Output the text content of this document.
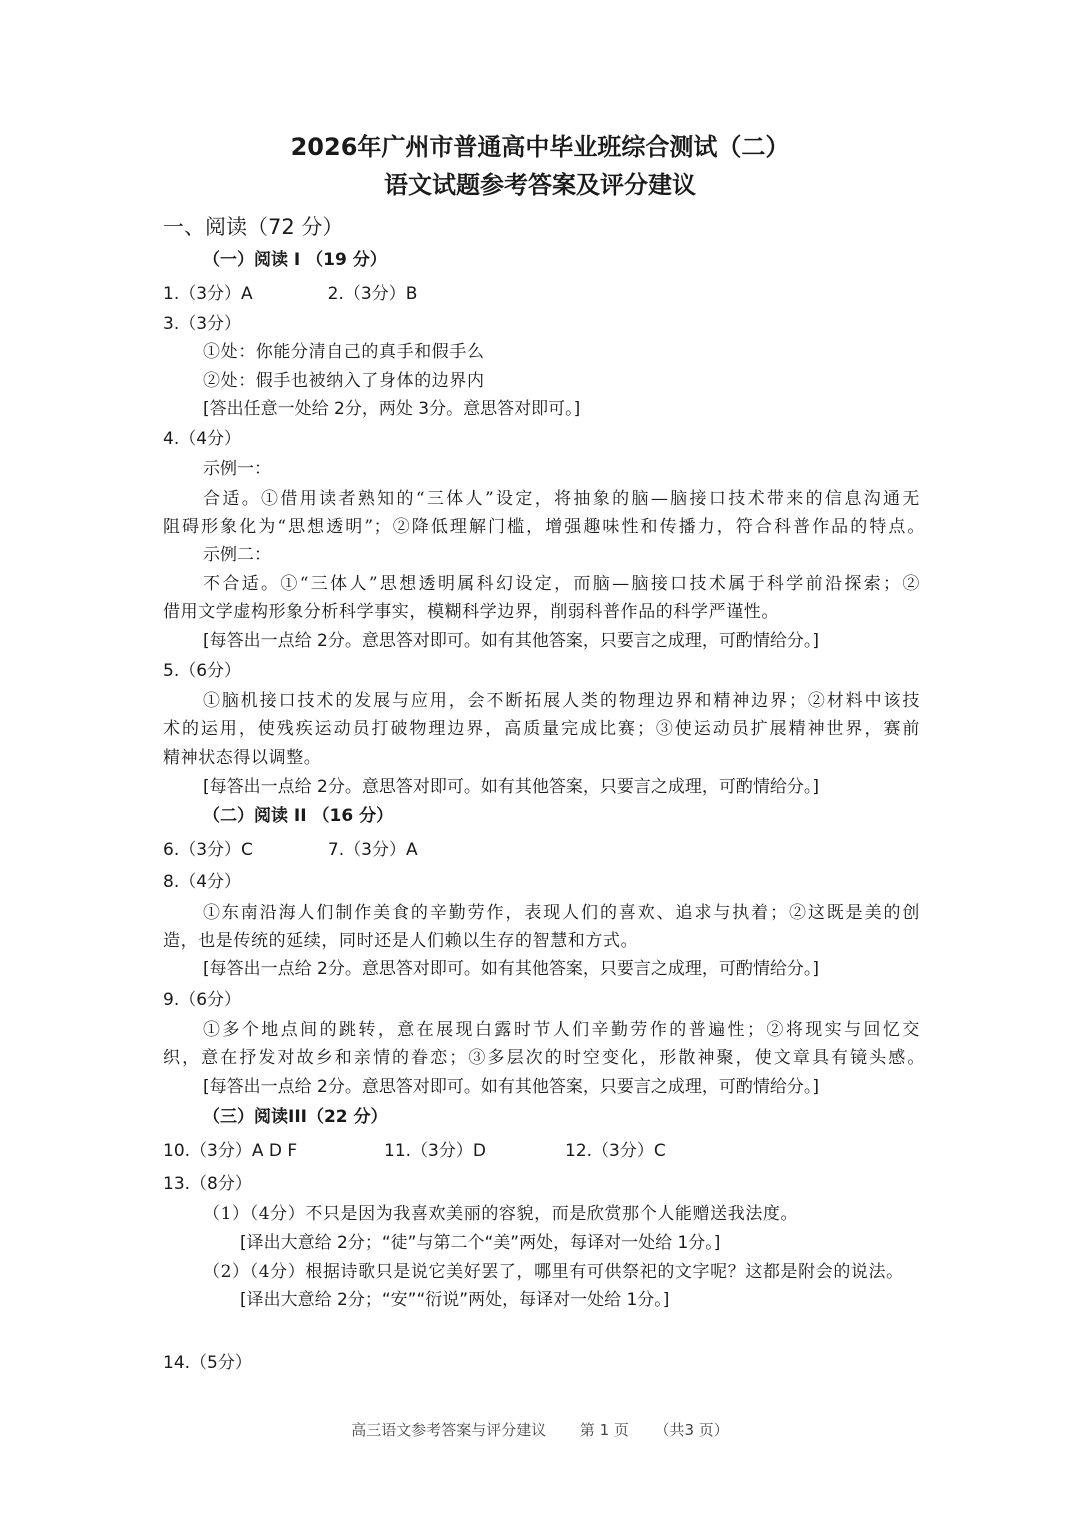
2026年广州市普通高中毕业班综合测试（二）
语文试题参考答案及评分建议
一、阅读（72 分）
（一）阅读 I （19 分）
1.（3分）A	2.（3分）B
3.（3分）
①处：你能分清自己的真手和假手么
②处：假手也被纳入了身体的边界内
[答出任意一处给 2分，两处 3分。意思答对即可。]
4.（4分）
示例一：
合适。①借用读者熟知的“三体人”设定，将抽象的脑—脑接口技术带来的信息沟通无
阻碍形象化为“思想透明”；②降低理解门槛，增强趣味性和传播力，符合科普作品的特点。
示例二：
不合适。①“三体人”思想透明属科幻设定，而脑—脑接口技术属于科学前沿探索；②
借用文学虚构形象分析科学事实，模糊科学边界，削弱科普作品的科学严谨性。
[每答出一点给 2分。意思答对即可。如有其他答案，只要言之成理，可酌情给分。]
5.（6分）
①脑机接口技术的发展与应用，会不断拓展人类的物理边界和精神边界；②材料中该技
术的运用，使残疾运动员打破物理边界，高质量完成比赛；③使运动员扩展精神世界，赛前
精神状态得以调整。
[每答出一点给 2分。意思答对即可。如有其他答案，只要言之成理，可酌情给分。]
（二）阅读 II （16 分）
6.（3分）C	7.（3分）A
8.（4分）
①东南沿海人们制作美食的辛勤劳作，表现人们的喜欢、追求与执着；②这既是美的创
造，也是传统的延续，同时还是人们赖以生存的智慧和方式。
[每答出一点给 2分。意思答对即可。如有其他答案，只要言之成理，可酌情给分。]
9.（6分）
①多个地点间的跳转，意在展现白露时节人们辛勤劳作的普遍性；②将现实与回忆交
织，意在抒发对故乡和亲情的眷恋；③多层次的时空变化，形散神聚，使文章具有镜头感。
[每答出一点给 2分。意思答对即可。如有其他答案，只要言之成理，可酌情给分。]
（三）阅读III（22 分）
10.（3分）A D F	11.（3分）D	12.（3分）C
13.（8分）
（1）（4分）不只是因为我喜欢美丽的容貌，而是欣赏那个人能赠送我法度。
[译出大意给 2分；“徒”与第二个“美”两处，每译对一处给 1分。]
（2）（4分）根据诗歌只是说它美好罢了，哪里有可供祭祀的文字呢？这都是附会的说法。
[译出大意给 2分；“安”“衍说”两处，每译对一处给 1分。]
14.（5分）
高三语文参考答案与评分建议 第 1 页 （共3 页）
